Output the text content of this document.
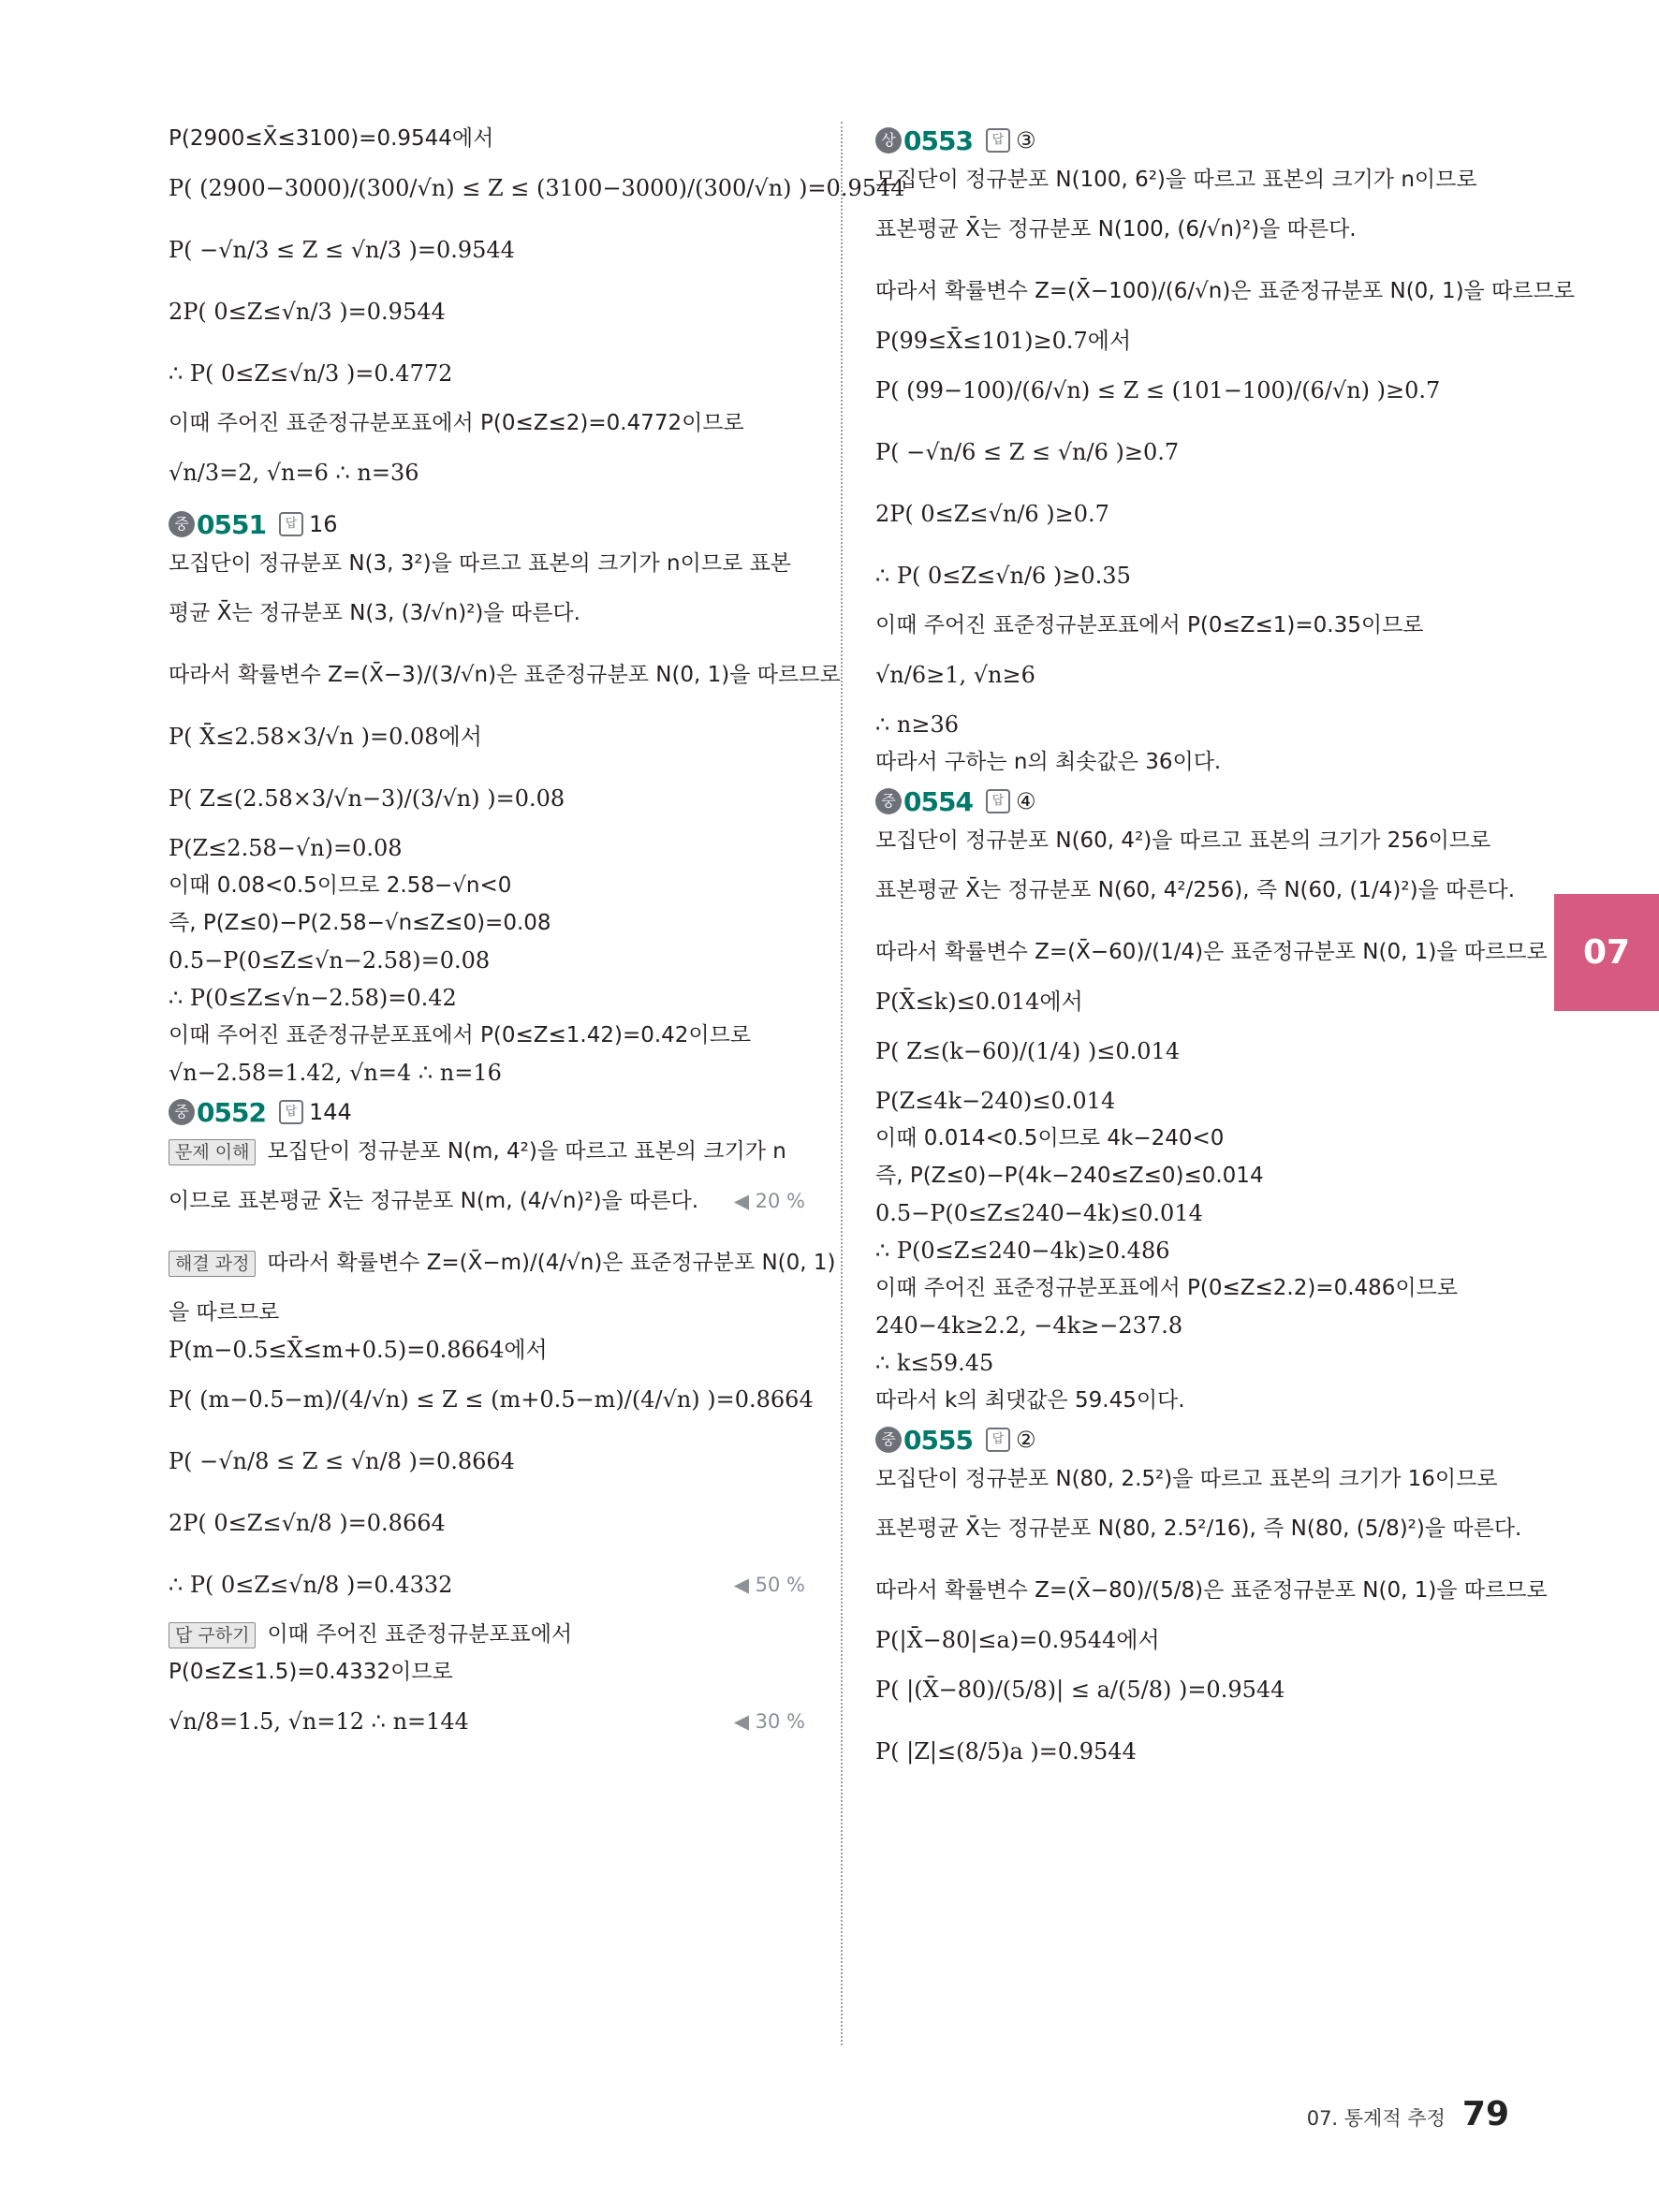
P(2900≤X̄≤3100)=0.9544에서
P( (2900−3000)/(300/√n) ≤ Z ≤ (3100−3000)/(300/√n) )=0.9544
P( −√n/3 ≤ Z ≤ √n/3 )=0.9544
2P( 0≤Z≤√n/3 )=0.9544
∴ P( 0≤Z≤√n/3 )=0.4772
이때 주어진 표준정규분포표에서 P(0≤Z≤2)=0.4772이므로
√n/3=2, √n=6 ∴ n=36
중 0551	답 16
모집단이 정규분포 N(3, 3²)을 따르고 표본의 크기가 n이므로 표본
평균 X̄는 정규분포 N(3, (3/√n)²)을 따른다.
따라서 확률변수 Z=(X̄−3)/(3/√n)은 표준정규분포 N(0, 1)을 따르므로
P( X̄≤2.58×3/√n )=0.08에서
P( Z≤(2.58×3/√n−3)/(3/√n) )=0.08
P(Z≤2.58−√n)=0.08
이때 0.08<0.5이므로 2.58−√n<0
즉, P(Z≤0)−P(2.58−√n≤Z≤0)=0.08
0.5−P(0≤Z≤√n−2.58)=0.08
∴ P(0≤Z≤√n−2.58)=0.42
이때 주어진 표준정규분포표에서 P(0≤Z≤1.42)=0.42이므로
√n−2.58=1.42, √n=4 ∴ n=16
중 0552	답 144
문제 이해 모집단이 정규분포 N(m, 4²)을 따르고 표본의 크기가 n
이므로 표본평균 X̄는 정규분포 N(m, (4/√n)²)을 따른다. ◀ 20 %
해결 과정 따라서 확률변수 Z=(X̄−m)/(4/√n)은 표준정규분포 N(0, 1)
을 따르므로
P(m−0.5≤X̄≤m+0.5)=0.8664에서
P( (m−0.5−m)/(4/√n) ≤ Z ≤ (m+0.5−m)/(4/√n) )=0.8664
P( −√n/8 ≤ Z ≤ √n/8 )=0.8664
2P( 0≤Z≤√n/8 )=0.8664
∴ P( 0≤Z≤√n/8 )=0.4332	◀ 50 %
답 구하기 이때 주어진 표준정규분포표에서
P(0≤Z≤1.5)=0.4332이므로
√n/8=1.5, √n=12 ∴ n=144	◀ 30 %
상 0553	답 ③
모집단이 정규분포 N(100, 6²)을 따르고 표본의 크기가 n이므로
표본평균 X̄는 정규분포 N(100, (6/√n)²)을 따른다.
따라서 확률변수 Z=(X̄−100)/(6/√n)은 표준정규분포 N(0, 1)을 따르므로
P(99≤X̄≤101)≥0.7에서
P( (99−100)/(6/√n) ≤ Z ≤ (101−100)/(6/√n) )≥0.7
P( −√n/6 ≤ Z ≤ √n/6 )≥0.7
2P( 0≤Z≤√n/6 )≥0.7
∴ P( 0≤Z≤√n/6 )≥0.35
이때 주어진 표준정규분포표에서 P(0≤Z≤1)=0.35이므로
√n/6≥1, √n≥6
∴ n≥36
따라서 구하는 n의 최솟값은 36이다.
중 0554	답 ④
모집단이 정규분포 N(60, 4²)을 따르고 표본의 크기가 256이므로
표본평균 X̄는 정규분포 N(60, 4²/256), 즉 N(60, (1/4)²)을 따른다.
따라서 확률변수 Z=(X̄−60)/(1/4)은 표준정규분포 N(0, 1)을 따르므로
P(X̄≤k)≤0.014에서
P( Z≤(k−60)/(1/4) )≤0.014
P(Z≤4k−240)≤0.014
이때 0.014<0.5이므로 4k−240<0
즉, P(Z≤0)−P(4k−240≤Z≤0)≤0.014
0.5−P(0≤Z≤240−4k)≤0.014
∴ P(0≤Z≤240−4k)≥0.486
이때 주어진 표준정규분포표에서 P(0≤Z≤2.2)=0.486이므로
240−4k≥2.2, −4k≥−237.8
∴ k≤59.45
따라서 k의 최댓값은 59.45이다.
중 0555	답 ②
모집단이 정규분포 N(80, 2.5²)을 따르고 표본의 크기가 16이므로
표본평균 X̄는 정규분포 N(80, 2.5²/16), 즉 N(80, (5/8)²)을 따른다.
따라서 확률변수 Z=(X̄−80)/(5/8)은 표준정규분포 N(0, 1)을 따르므로
P(|X̄−80|≤a)=0.9544에서
P( |(X̄−80)/(5/8)| ≤ a/(5/8) )=0.9544
P( |Z|≤(8/5)a )=0.9544
07
07. 통계적 추정 79
